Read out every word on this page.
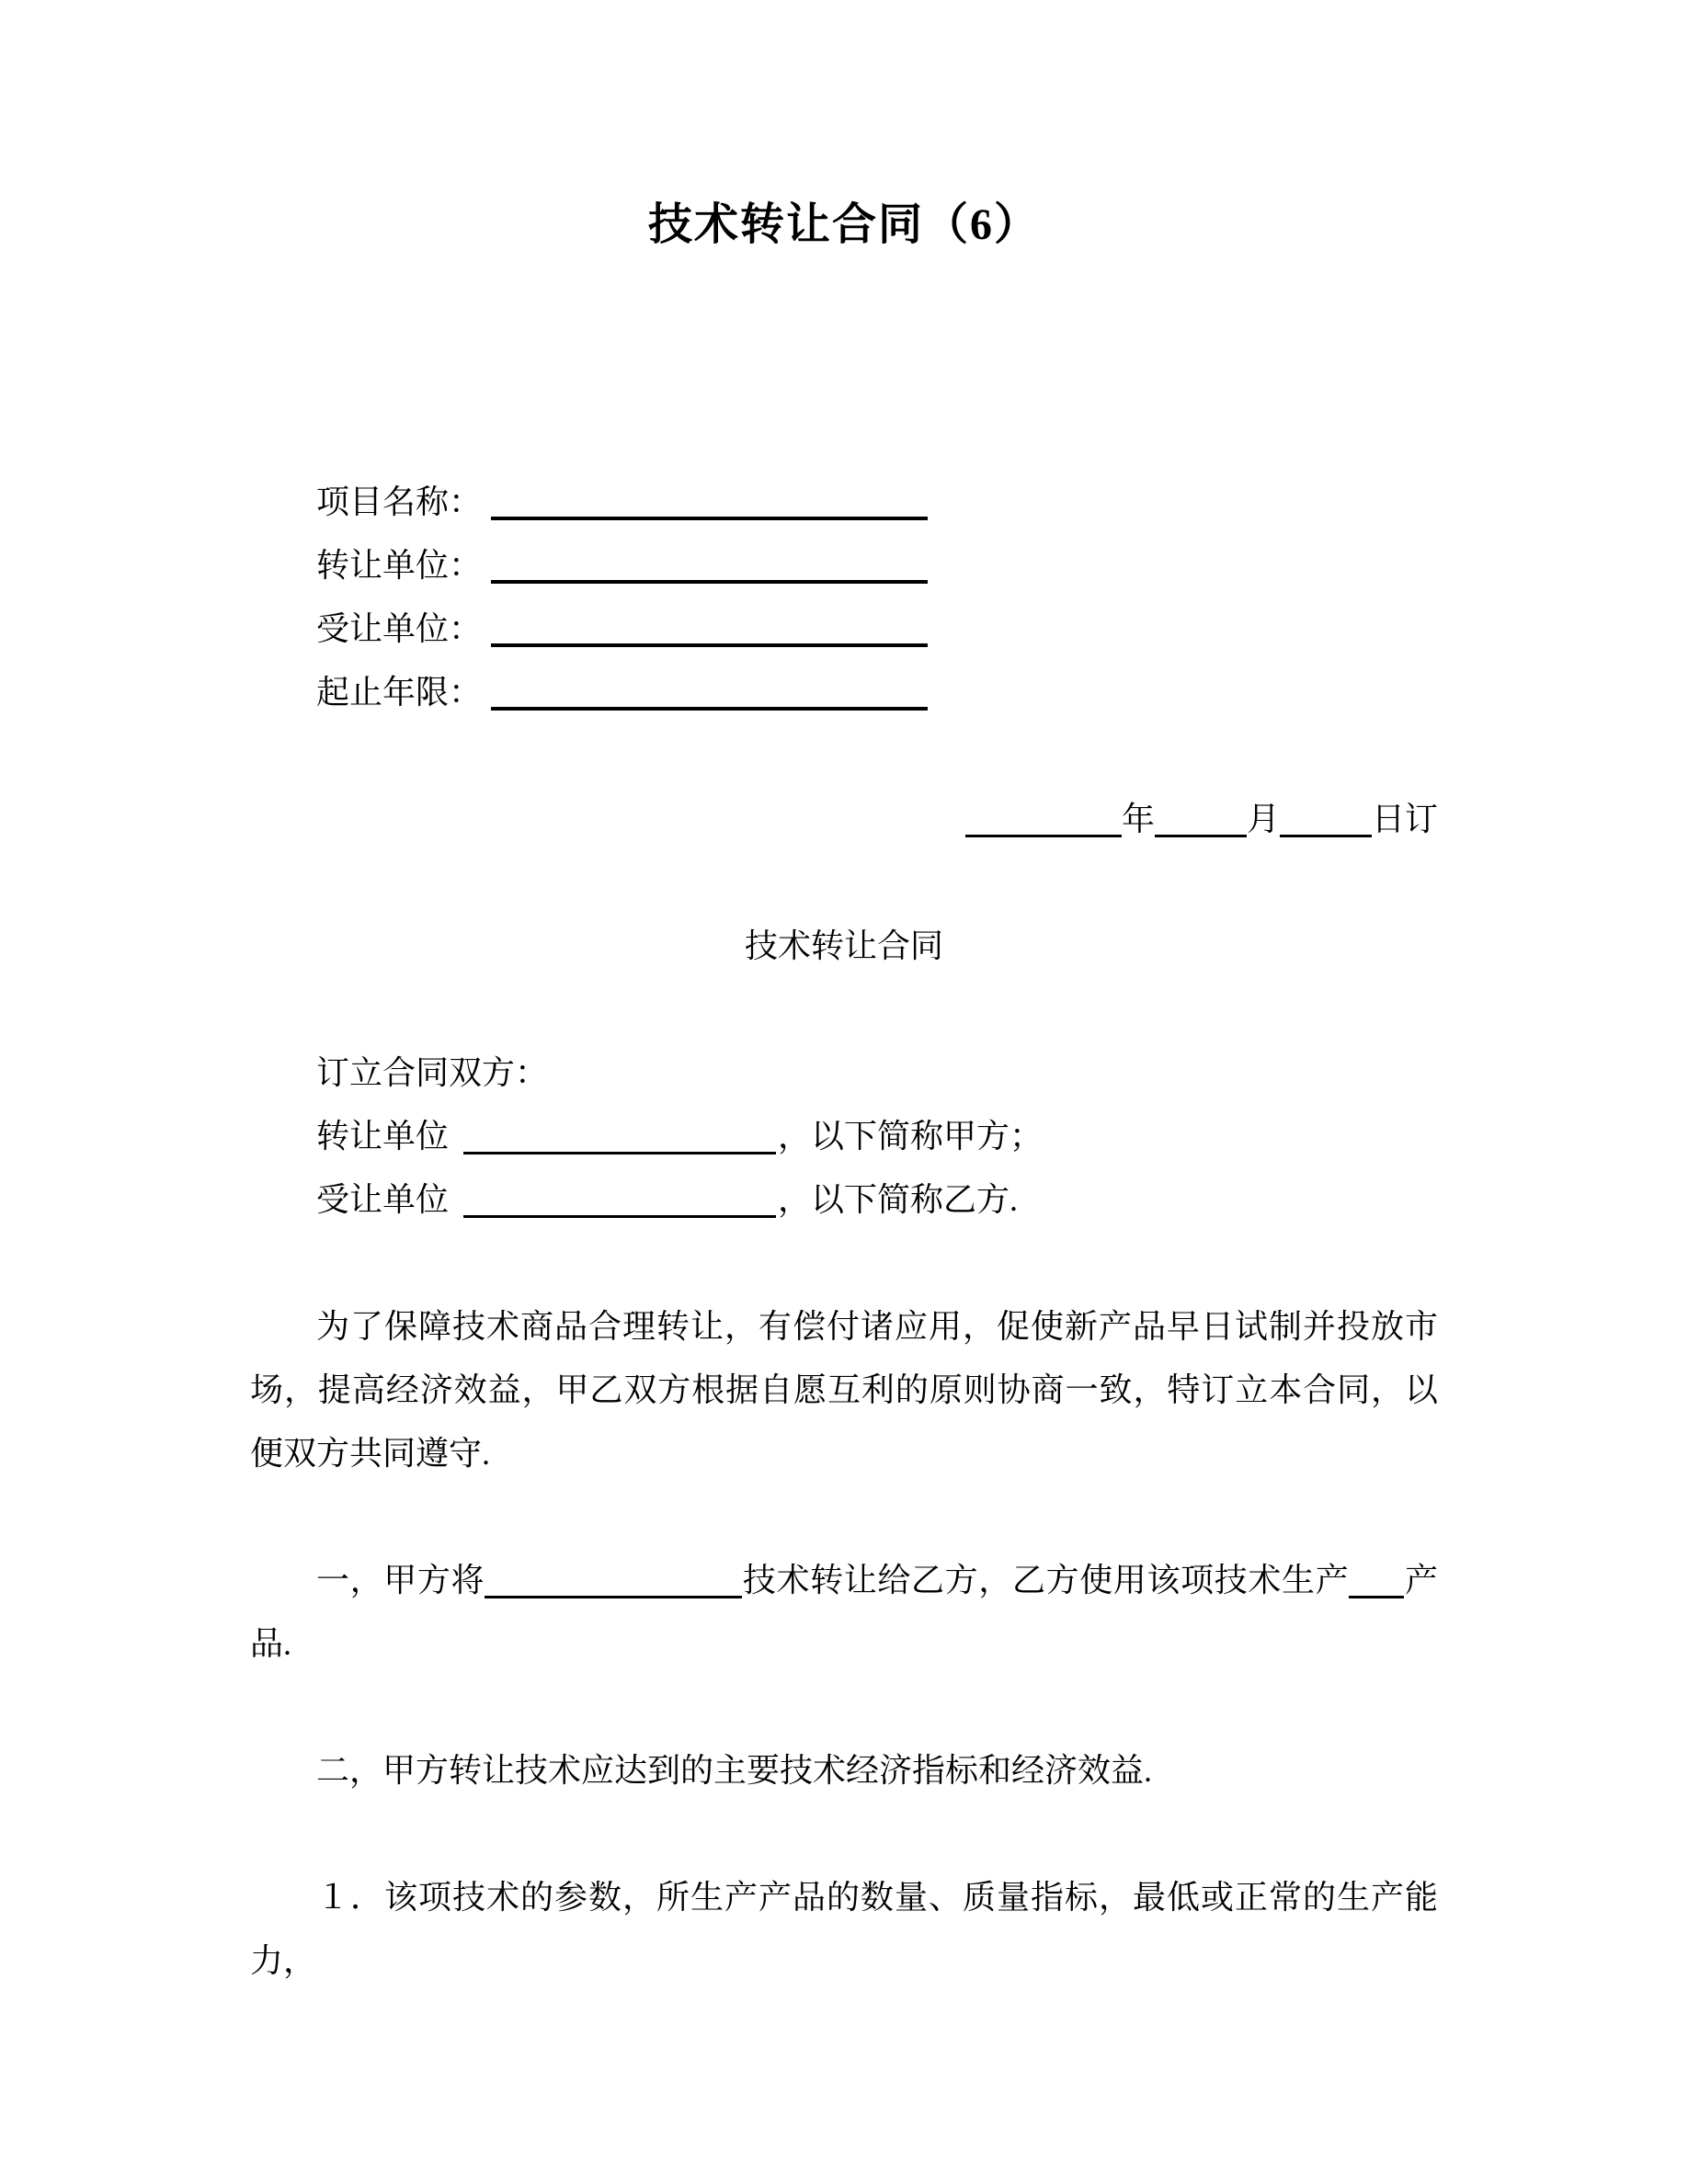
技术转让合同（6）

项目名称：

转让单位：

受让单位：

起止年限：

年	月	日订

技术转让合同

订立合同双方：

转让单位	，以下简称甲方；

受让单位	，以下简称乙方.

为了保障技术商品合理转让，有偿付诸应用，促使新产品早日试制并投放市场，提高经济效益，甲乙双方根据自愿互利的原则协商一致，特订立本合同，以便双方共同遵守.

一，甲方将	技术转让给乙方，乙方使用该项技术生产 产品.

二，甲方转让技术应达到的主要技术经济指标和经济效益.

１．该项技术的参数，所生产产品的数量、质量指标，最低或正常的生产能力，
